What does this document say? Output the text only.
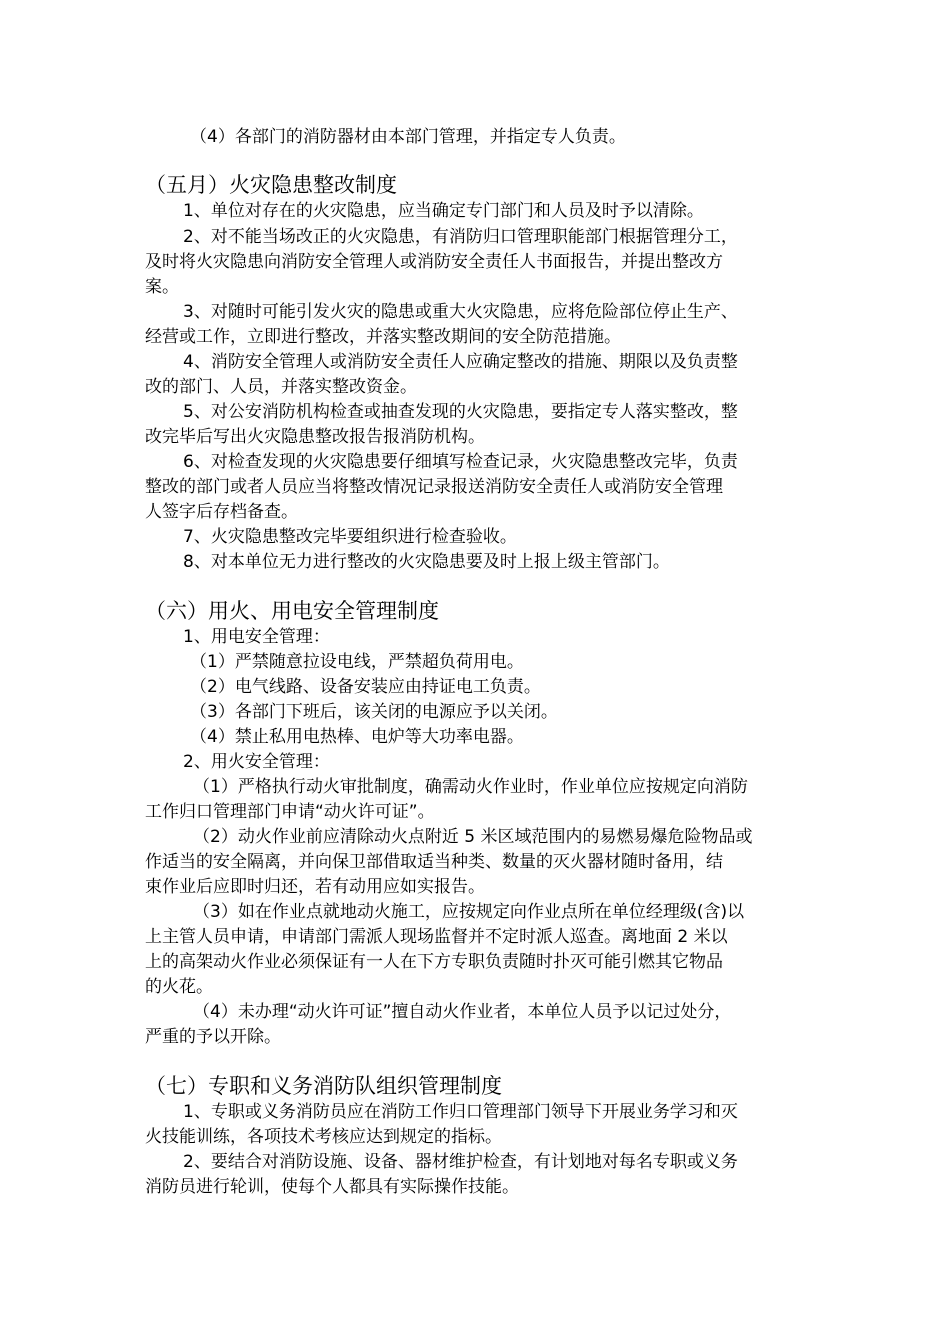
（4）各部门的消防器材由本部门管理，并指定专人负责。
（五月）火灾隐患整改制度
1、单位对存在的火灾隐患，应当确定专门部门和人员及时予以清除。
2、对不能当场改正的火灾隐患，有消防归口管理职能部门根据管理分工，
及时将火灾隐患向消防安全管理人或消防安全责任人书面报告，并提出整改方
案。
3、对随时可能引发火灾的隐患或重大火灾隐患，应将危险部位停止生产、
经营或工作，立即进行整改，并落实整改期间的安全防范措施。
4、消防安全管理人或消防安全责任人应确定整改的措施、期限以及负责整
改的部门、人员，并落实整改资金。
5、对公安消防机构检查或抽查发现的火灾隐患，要指定专人落实整改，整
改完毕后写出火灾隐患整改报告报消防机构。
6、对检查发现的火灾隐患要仔细填写检查记录，火灾隐患整改完毕，负责
整改的部门或者人员应当将整改情况记录报送消防安全责任人或消防安全管理
人签字后存档备查。
7、火灾隐患整改完毕要组织进行检查验收。
8、对本单位无力进行整改的火灾隐患要及时上报上级主管部门。
（六）用火、用电安全管理制度
1、用电安全管理：
（1）严禁随意拉设电线，严禁超负荷用电。
（2）电气线路、设备安装应由持证电工负责。
（3）各部门下班后，该关闭的电源应予以关闭。
（4）禁止私用电热棒、电炉等大功率电器。
2、用火安全管理：
（1）严格执行动火审批制度，确需动火作业时，作业单位应按规定向消防
工作归口管理部门申请“动火许可证”。
（2）动火作业前应清除动火点附近 5 米区域范围内的易燃易爆危险物品或
作适当的安全隔离，并向保卫部借取适当种类、数量的灭火器材随时备用，结
束作业后应即时归还，若有动用应如实报告。
（3）如在作业点就地动火施工，应按规定向作业点所在单位经理级(含)以
上主管人员申请，申请部门需派人现场监督并不定时派人巡查。离地面 2 米以
上的高架动火作业必须保证有一人在下方专职负责随时扑灭可能引燃其它物品
的火花。
（4）未办理“动火许可证”擅自动火作业者，本单位人员予以记过处分，
严重的予以开除。
（七）专职和义务消防队组织管理制度
1、专职或义务消防员应在消防工作归口管理部门领导下开展业务学习和灭
火技能训练，各项技术考核应达到规定的指标。
2、要结合对消防设施、设备、器材维护检查，有计划地对每名专职或义务
消防员进行轮训，使每个人都具有实际操作技能。
